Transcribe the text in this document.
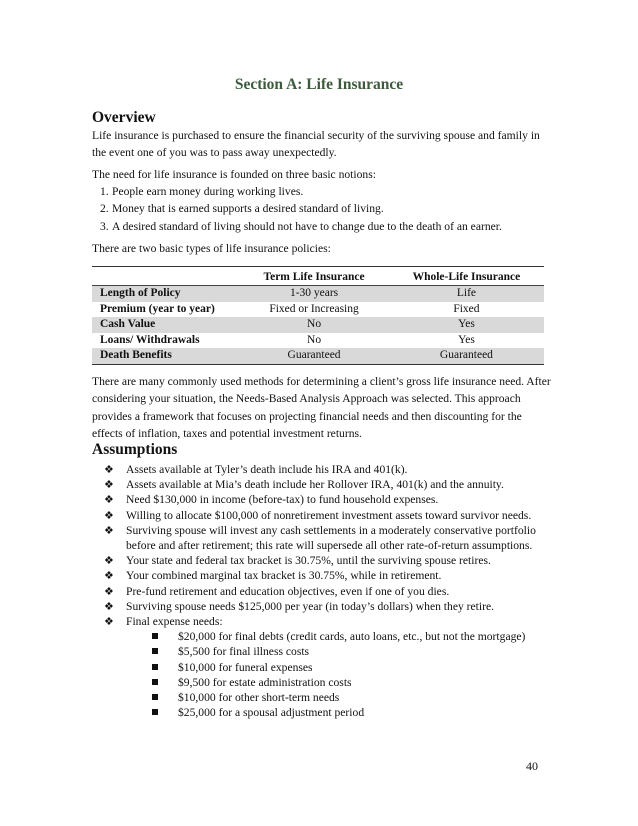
Section A: Life Insurance
Overview

Life insurance is purchased to ensure the financial security of the surviving spouse and family in the event one of you was to pass away unexpectedly.

The need for life insurance is founded on three basic notions:

1. People earn money during working lives.
2. Money that is earned supports a desired standard of living.
3. A desired standard of living should not have to change due to the death of an earner.

There are two basic types of life insurance policies:

	Term Life Insurance	Whole-Life Insurance
Length of Policy	1-30 years	Life
Premium (year to year)	Fixed or Increasing	Fixed
Cash Value	No	Yes
Loans/ Withdrawals	No	Yes
Death Benefits	Guaranteed	Guaranteed

There are many commonly used methods for determining a client’s gross life insurance need. After considering your situation, the Needs-Based Analysis Approach was selected. This approach provides a framework that focuses on projecting financial needs and then discounting for the effects of inflation, taxes and potential investment returns.

Assumptions
❖ Assets available at Tyler’s death include his IRA and 401(k).
❖ Assets available at Mia’s death include her Rollover IRA, 401(k) and the annuity.
❖ Need $130,000 in income (before-tax) to fund household expenses.
❖ Willing to allocate $100,000 of nonretirement investment assets toward survivor needs.
❖ Surviving spouse will invest any cash settlements in a moderately conservative portfolio before and after retirement; this rate will supersede all other rate-of-return assumptions.
❖ Your state and federal tax bracket is 30.75%, until the surviving spouse retires.
❖ Your combined marginal tax bracket is 30.75%, while in retirement.
❖ Pre-fund retirement and education objectives, even if one of you dies.
❖ Surviving spouse needs $125,000 per year (in today’s dollars) when they retire.
❖ Final expense needs:
$20,000 for final debts (credit cards, auto loans, etc., but not the mortgage)
$5,500 for final illness costs
$10,000 for funeral expenses
$9,500 for estate administration costs
$10,000 for other short-term needs
$25,000 for a spousal adjustment period
40
